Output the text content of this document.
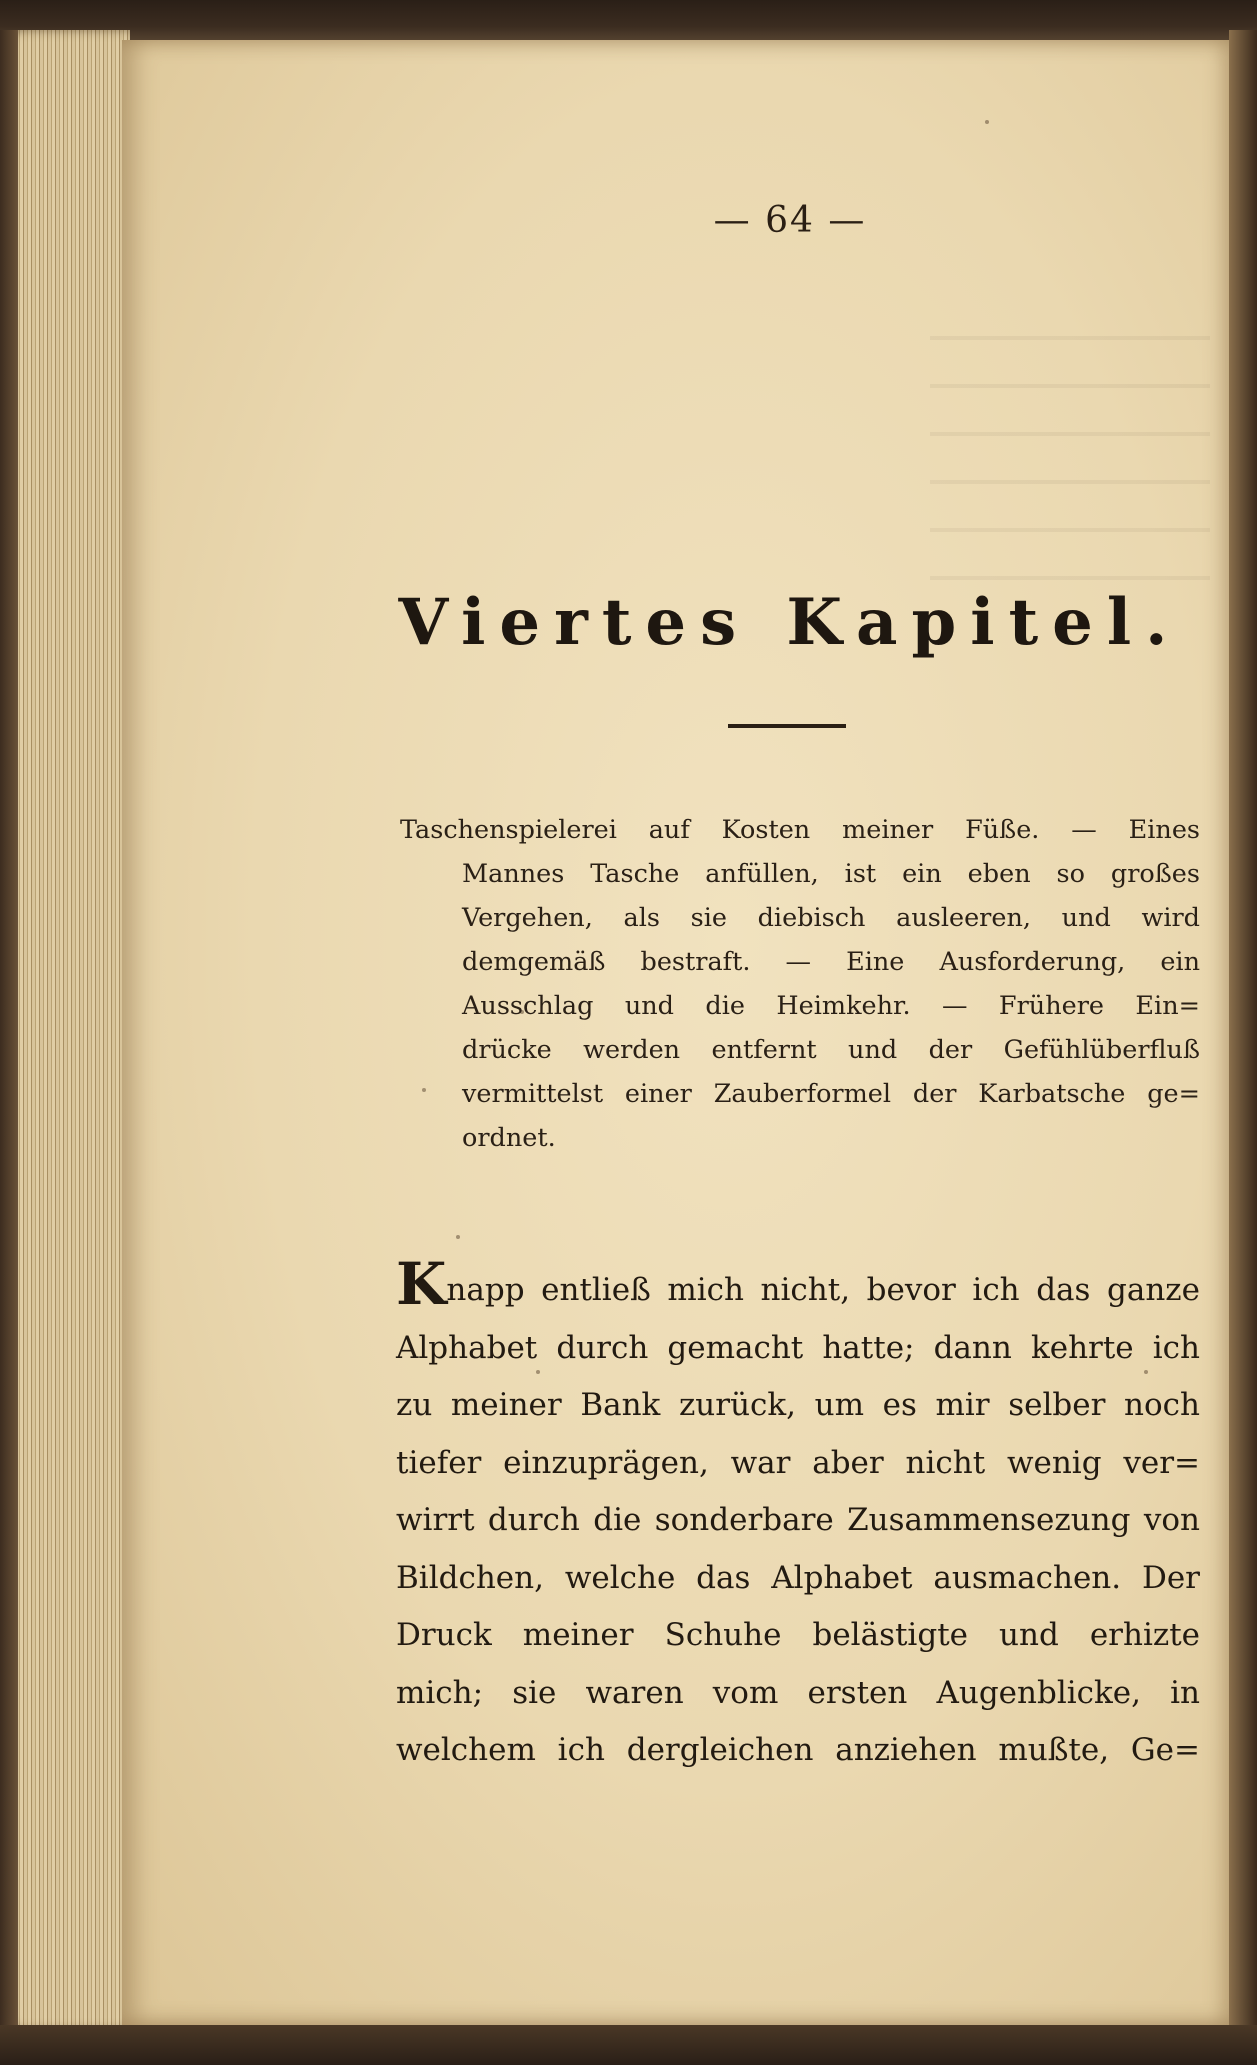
— 64 —
Viertes Kapitel.
Taschenspielerei auf Kosten meiner Füße. — Eines
Mannes Tasche anfüllen, ist ein eben so großes
Vergehen, als sie diebisch ausleeren, und wird
demgemäß bestraft. — Eine Ausforderung, ein
Ausschlag und die Heimkehr. — Frühere Ein=
drücke werden entfernt und der Gefühlüberfluß
vermittelst einer Zauberformel der Karbatsche ge=
ordnet.
Knapp entließ mich nicht, bevor ich das ganze
Alphabet durch gemacht hatte; dann kehrte ich
zu meiner Bank zurück, um es mir selber noch
tiefer einzuprägen, war aber nicht wenig ver=
wirrt durch die sonderbare Zusammensezung von
Bildchen, welche das Alphabet ausmachen. Der
Druck meiner Schuhe belästigte und erhizte
mich; sie waren vom ersten Augenblicke, in
welchem ich dergleichen anziehen mußte, Ge=
